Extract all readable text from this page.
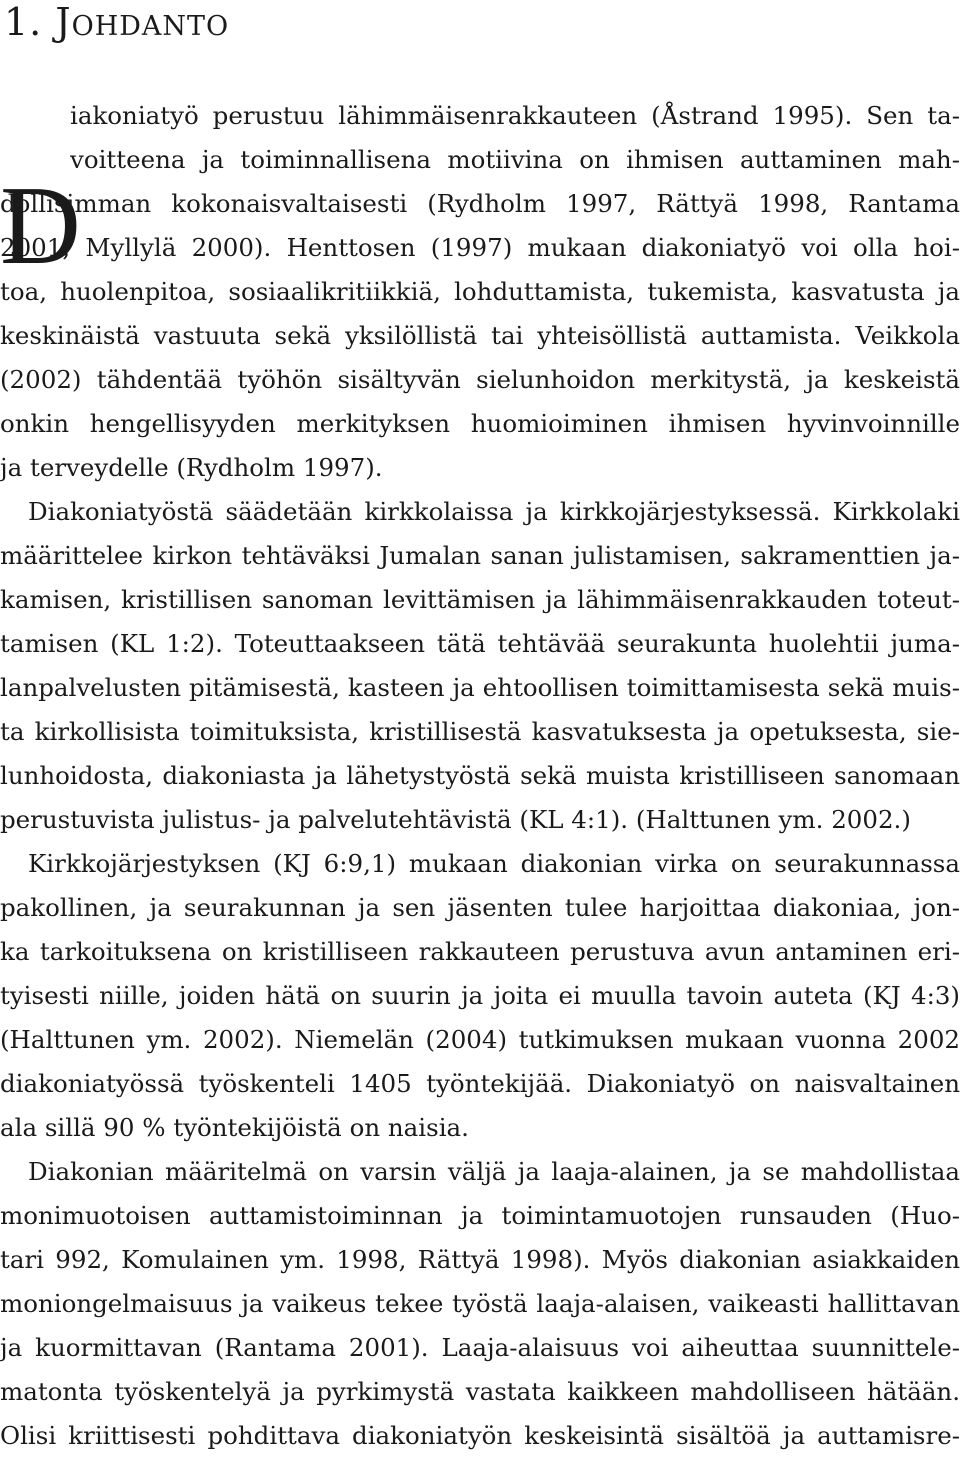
1. Johdanto
D
iakoniatyö perustuu lähimmäisenrakkauteen (Åstrand 1995). Sen ta-
voitteena ja toiminnallisena motiivina on ihmisen auttaminen mah-
dollisimman kokonaisvaltaisesti (Rydholm 1997, Rättyä 1998, Rantama
2001, Myllylä 2000). Henttosen (1997) mukaan diakoniatyö voi olla hoi-
toa, huolenpitoa, sosiaalikritiikkiä, lohduttamista, tukemista, kasvatusta ja
keskinäistä vastuuta sekä yksilöllistä tai yhteisöllistä auttamista. Veikkola
(2002) tähdentää työhön sisältyvän sielunhoidon merkitystä, ja keskeistä
onkin hengellisyyden merkityksen huomioiminen ihmisen hyvinvoinnille
ja terveydelle (Rydholm 1997).
Diakoniatyöstä säädetään kirkkolaissa ja kirkkojärjestyksessä. Kirkkolaki
määrittelee kirkon tehtäväksi Jumalan sanan julistamisen, sakramenttien ja-
kamisen, kristillisen sanoman levittämisen ja lähimmäisenrakkauden toteut-
tamisen (KL 1:2). Toteuttaakseen tätä tehtävää seurakunta huolehtii juma-
lanpalvelusten pitämisestä, kasteen ja ehtoollisen toimittamisesta sekä muis-
ta kirkollisista toimituksista, kristillisestä kasvatuksesta ja opetuksesta, sie-
lunhoidosta, diakoniasta ja lähetystyöstä sekä muista kristilliseen sanomaan
perustuvista julistus- ja palvelutehtävistä (KL 4:1). (Halttunen ym. 2002.)
Kirkkojärjestyksen (KJ 6:9,1) mukaan diakonian virka on seurakunnassa
pakollinen, ja seurakunnan ja sen jäsenten tulee harjoittaa diakoniaa, jon-
ka tarkoituksena on kristilliseen rakkauteen perustuva avun antaminen eri-
tyisesti niille, joiden hätä on suurin ja joita ei muulla tavoin auteta (KJ 4:3)
(Halttunen ym. 2002). Niemelän (2004) tutkimuksen mukaan vuonna 2002
diakoniatyössä työskenteli 1405 työntekijää. Diakoniatyö on naisvaltainen
ala sillä 90 % työntekijöistä on naisia.
Diakonian määritelmä on varsin väljä ja laaja-alainen, ja se mahdollistaa
monimuotoisen auttamistoiminnan ja toimintamuotojen runsauden (Huo-
tari 992, Komulainen ym. 1998, Rättyä 1998). Myös diakonian asiakkaiden
moniongelmaisuus ja vaikeus tekee työstä laaja-alaisen, vaikeasti hallittavan
ja kuormittavan (Rantama 2001). Laaja-alaisuus voi aiheuttaa suunnittele-
matonta työskentelyä ja pyrkimystä vastata kaikkeen mahdolliseen hätään.
Olisi kriittisesti pohdittava diakoniatyön keskeisintä sisältöä ja auttamisre-
